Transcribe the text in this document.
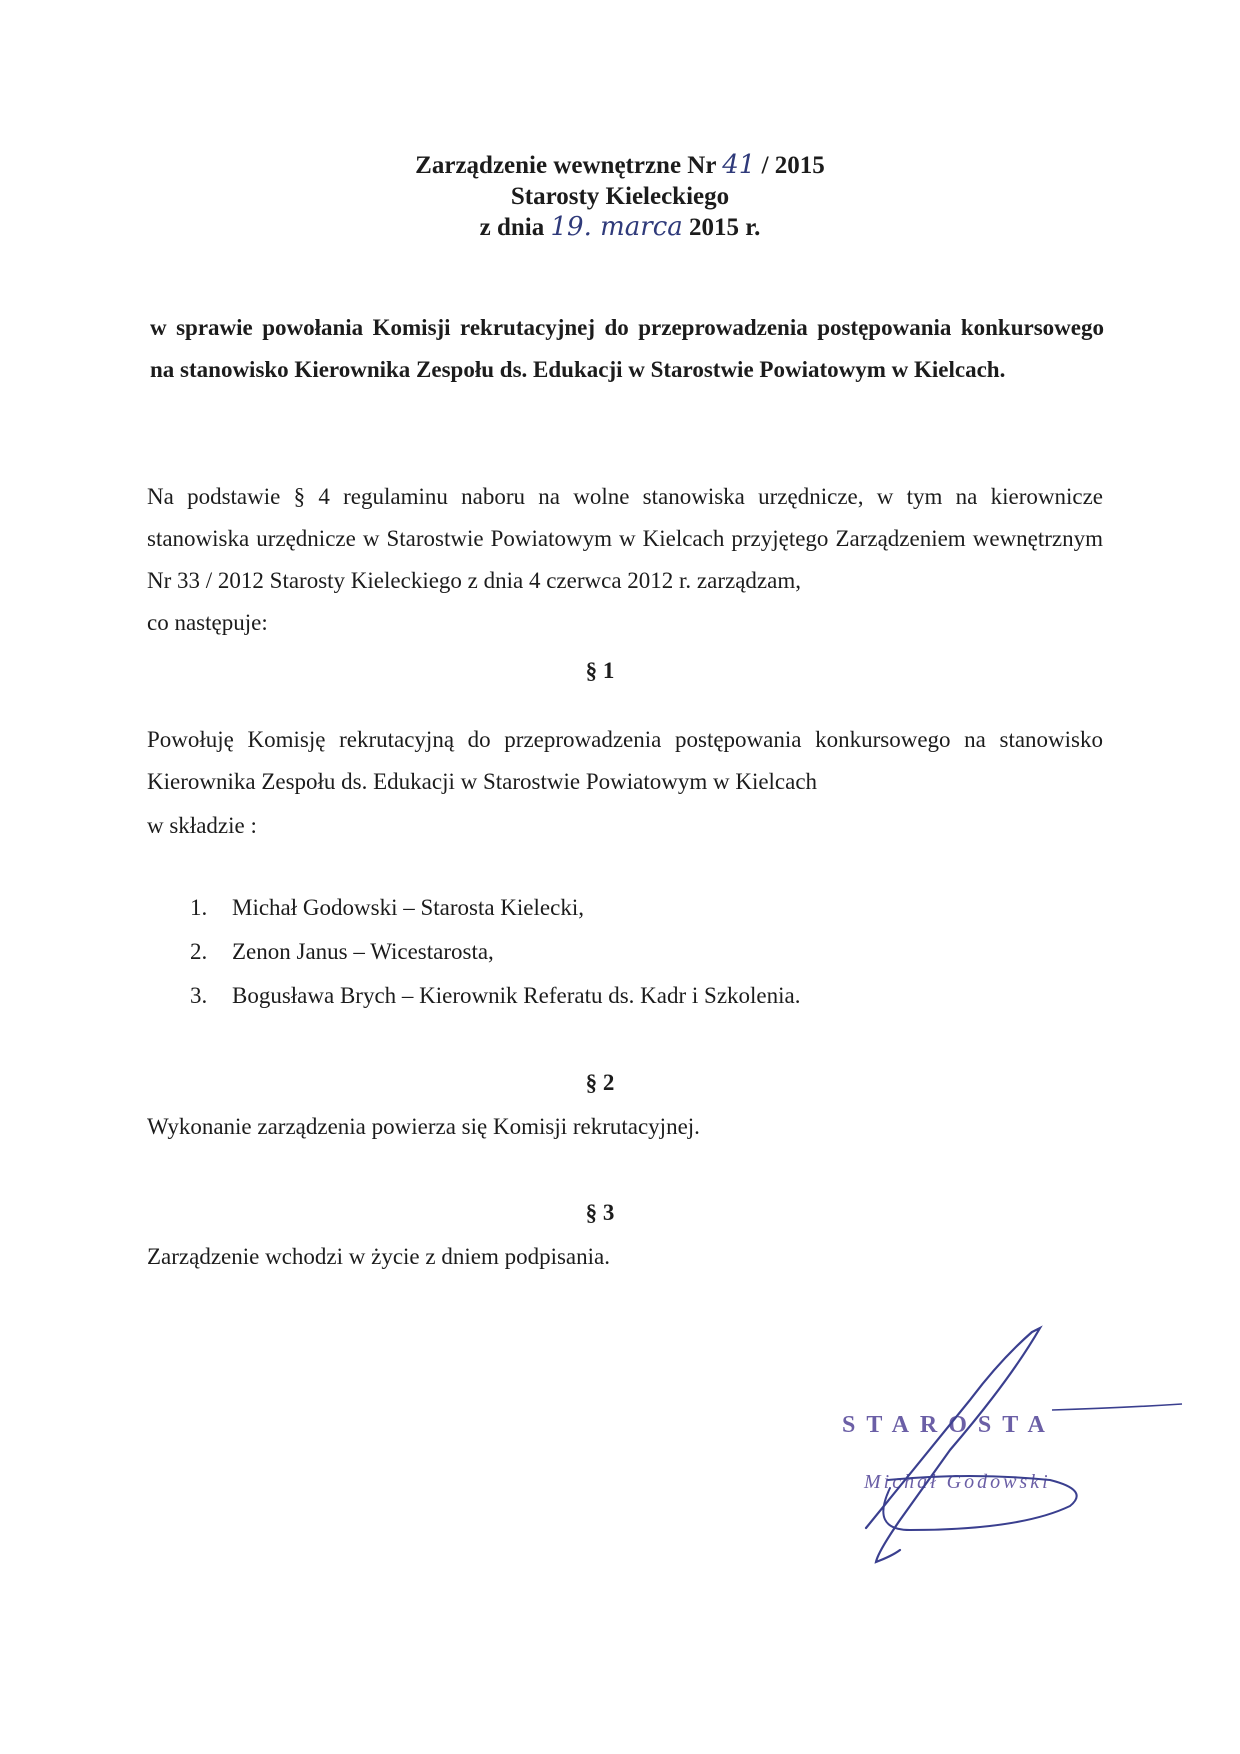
Zarządzenie wewnętrzne Nr 41 / 2015
Starosty Kieleckiego
z dnia 19. marca 2015 r.
w sprawie powołania Komisji rekrutacyjnej do przeprowadzenia postępowania konkursowego na stanowisko Kierownika Zespołu ds. Edukacji w Starostwie Powiatowym w Kielcach.
Na podstawie § 4 regulaminu naboru na wolne stanowiska urzędnicze, w tym na kierownicze stanowiska urzędnicze w Starostwie Powiatowym w Kielcach przyjętego Zarządzeniem wewnętrznym Nr 33 / 2012 Starosty Kieleckiego z dnia 4 czerwca 2012 r. zarządzam,
co następuje:
§ 1
Powołuję Komisję rekrutacyjną do przeprowadzenia postępowania konkursowego na stanowisko Kierownika Zespołu ds. Edukacji w Starostwie Powiatowym w Kielcach
w składzie :
1. Michał Godowski – Starosta Kielecki,
2. Zenon Janus – Wicestarosta,
3. Bogusława Brych – Kierownik Referatu ds. Kadr i Szkolenia.
§ 2
Wykonanie zarządzenia powierza się Komisji rekrutacyjnej.
§ 3
Zarządzenie wchodzi w życie z dniem podpisania.
STAROSTA
Michał Godowski
